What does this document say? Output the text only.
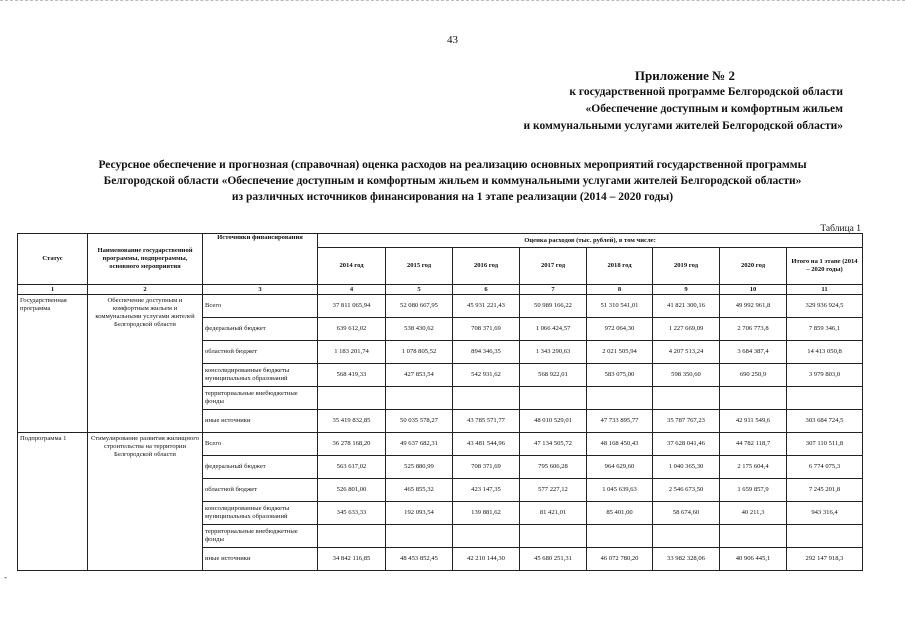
43
Приложение № 2
к государственной программе Белгородской области
«Обеспечение доступным и комфортным жильем
и коммунальными услугами жителей Белгородской области»
Ресурсное обеспечение и прогнозная (справочная) оценка расходов на реализацию основных мероприятий государственной программы
Белгородской области «Обеспечение доступным и комфортным жильем и коммунальными услугами жителей Белгородской области»
из различных источников финансирования на 1 этапе реализации (2014 – 2020 годы)
Таблица 1
Статус	Наименование государственной программы, подпрограммы, основного мероприятия	Источники финансирования	Оценка расходов (тыс. рублей), в том числе:							
			2014 год	2015 год	2016 год	2017 год	2018 год	2019 год	2020 год	Итого на 1 этапе (2014 – 2020 годы)
1	2	3	4	5	6	7	8	9	10	11
Государственная программа	Обеспечение доступным и комфортным жильем и коммунальными услугами жителей Белгородской области	Всего	37 811 065,94	52 080 667,95	45 931 221,43	50 989 166,22	51 310 541,01	41 821 300,16	49 992 961,8	329 936 924,5
		федеральный бюджет	639 612,02	538 430,62	708 371,69	1 066 424,57	972 064,30	1 227 669,09	2 706 773,8	7 859 346,1
		областной бюджет	1 183 201,74	1 078 805,52	894 346,35	1 343 290,63	2 021 505,94	4 207 513,24	3 684 387,4	14 413 050,8
		консолидированные бюджеты муниципальных образований	568 419,33	427 853,54	542 931,62	568 922,01	583 075,00	598 350,60	690 250,9	3 979 803,0
		территориальные внебюджетные фонды								
		иные источники	35 419 832,85	50 035 578,27	43 785 571,77	48 010 529,01	47 733 895,77	35 787 767,23	42 911 549,6	303 684 724,5
Подпрограмма 1	Стимулирование развития жилищного строительства на территории Белгородской области	Всего	36 278 168,20	49 637 682,31	43 481 544,96	47 134 505,72	48 168 450,43	37 628 041,46	44 782 118,7	307 110 511,8
		федеральный бюджет	563 617,02	525 880,99	708 371,69	795 606,28	964 629,60	1 040 365,30	2 175 604,4	6 774 075,3
		областной бюджет	526 801,00	465 855,32	423 147,35	577 227,12	1 045 639,63	2 546 673,50	1 659 857,9	7 245 201,8
		консолидированные бюджеты муниципальных образований	345 633,33	192 093,54	139 881,62	81 421,01	85 401,00	58 674,60	40 211,3	943 316,4
		территориальные внебюджетные фонды								
		иные источники	34 842 116,85	48 453 852,45	42 210 144,30	45 680 251,31	46 072 780,20	33 982 328,06	40 906 445,1	292 147 918,3
-
